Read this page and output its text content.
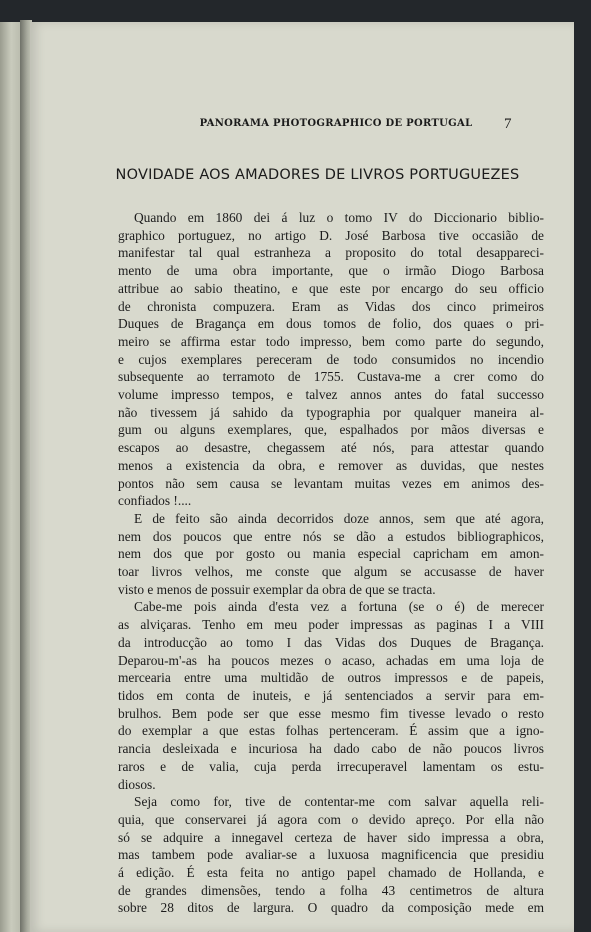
PANORAMA PHOTOGRAPHICO DE PORTUGAL	7
NOVIDADE AOS AMADORES DE LIVROS PORTUGUEZES
Quando em 1860 dei á luz o tomo IV do Diccionario biblio-
graphico portuguez, no artigo D. José Barbosa tive occasião de
manifestar tal qual estranheza a proposito do total desappareci-
mento de uma obra importante, que o irmão Diogo Barbosa
attribue ao sabio theatino, e que este por encargo do seu officio
de chronista compuzera. Eram as Vidas dos cinco primeiros
Duques de Bragança em dous tomos de folio, dos quaes o pri-
meiro se affirma estar todo impresso, bem como parte do segundo,
e cujos exemplares pereceram de todo consumidos no incendio
subsequente ao terramoto de 1755. Custava-me a crer como do
volume impresso tempos, e talvez annos antes do fatal successo
não tivessem já sahido da typographia por qualquer maneira al-
gum ou alguns exemplares, que, espalhados por mãos diversas e
escapos ao desastre, chegassem até nós, para attestar quando
menos a existencia da obra, e remover as duvidas, que nestes
pontos não sem causa se levantam muitas vezes em animos des-
confiados !....
E de feito são ainda decorridos doze annos, sem que até agora,
nem dos poucos que entre nós se dão a estudos bibliographicos,
nem dos que por gosto ou mania especial capricham em amon-
toar livros velhos, me conste que algum se accusasse de haver
visto e menos de possuir exemplar da obra de que se tracta.
Cabe-me pois ainda d'esta vez a fortuna (se o é) de merecer
as alviçaras. Tenho em meu poder impressas as paginas I a VIII
da introducção ao tomo I das Vidas dos Duques de Bragança.
Deparou-m'-as ha poucos mezes o acaso, achadas em uma loja de
mercearia entre uma multidão de outros impressos e de papeis,
tidos em conta de inuteis, e já sentenciados a servir para em-
brulhos. Bem pode ser que esse mesmo fim tivesse levado o resto
do exemplar a que estas folhas pertenceram. É assim que a igno-
rancia desleixada e incuriosa ha dado cabo de não poucos livros
raros e de valia, cuja perda irrecuperavel lamentam os estu-
diosos.
Seja como for, tive de contentar-me com salvar aquella reli-
quia, que conservarei já agora com o devido apreço. Por ella não
só se adquire a innegavel certeza de haver sido impressa a obra,
mas tambem pode avaliar-se a luxuosa magnificencia que presidiu
á edição. É esta feita no antigo papel chamado de Hollanda, e
de grandes dimensões, tendo a folha 43 centimetros de altura
sobre 28 ditos de largura. O quadro da composição mede em
